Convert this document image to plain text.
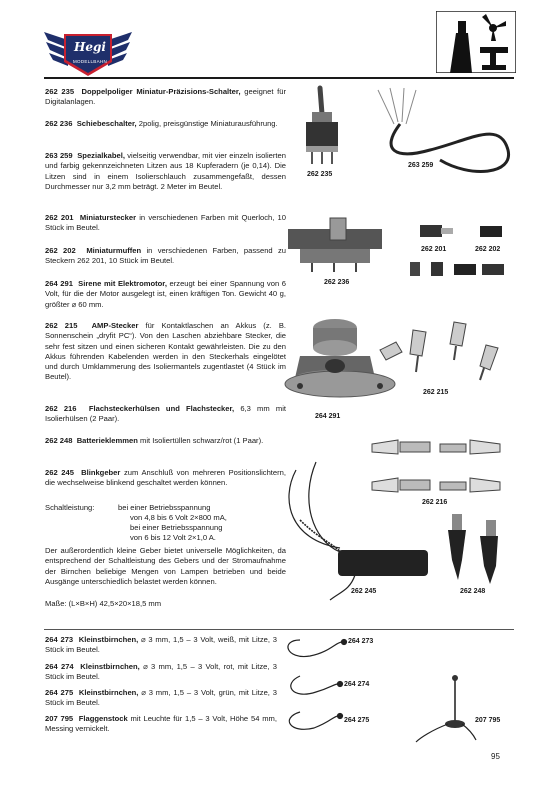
Hegi
MODELLBAHN
262 235 Doppelpoliger Miniatur-Präzisions-Schalter, geeignet für Digitalanlagen.
262 236 Schiebeschalter, 2polig, preisgünstige Miniaturausführung.
263 259 Spezialkabel, vielseitig verwendbar, mit vier einzeln isolierten und farbig gekennzeichneten Litzen aus 18 Kupferadern (je 0,14). Die Litzen sind in einem Isolierschlauch zusammengefaßt, dessen Durchmesser nur 3,2 mm beträgt. 2 Meter im Beutel.
262 201 Miniaturstecker in verschiedenen Farben mit Querloch, 10 Stück im Beutel.
262 202 Miniaturmuffen in verschiedenen Farben, passend zu Steckern 262 201, 10 Stück im Beutel.
264 291 Sirene mit Elektromotor, erzeugt bei einer Spannung von 6 Volt, für die der Motor ausgelegt ist, einen kräftigen Ton. Gewicht 40 g, größter ⌀ 60 mm.
262 215 AMP-Stecker für Kontaktlaschen an Akkus (z. B. Sonnenschein „dryfit PC“). Von den Laschen abziehbare Stecker, die sehr fest sitzen und einen sicheren Kontakt gewährleisten. Die zu den Akkus führenden Kabelenden werden in den Steckerhals eingelötet und durch Umklammerung des Isoliermantels zugentlastet (4 Stück im Beutel).
262 216 Flachsteckerhülsen und Flachstecker, 6,3 mm mit Isolierhülsen (2 Paar).
262 248 Batterieklemmen mit Isoliertüllen schwarz/rot (1 Paar).
262 245 Blinkgeber zum Anschluß von mehreren Positionslichtern, die wechselweise blinkend geschaltet werden können.
Schaltleistung:	bei einer Betriebsspannung
von 4,8 bis 6 Volt 2×800 mA,
bei einer Betriebsspannung
von 6 bis 12 Volt 2×1,0 A.
Der außerordentlich kleine Geber bietet universelle Möglichkeiten, da entsprechend der Schaltleistung des Gebers und der Stromaufnahme der Birnchen beliebige Mengen von Lampen betrieben und beide Ausgänge unterschiedlich belastet werden können.
Maße: (L×B×H) 42,5×20×18,5 mm
264 273 Kleinstbirnchen, ⌀ 3 mm, 1,5 – 3 Volt, weiß, mit Litze, 3 Stück im Beutel.
264 274 Kleinstbirnchen, ⌀ 3 mm, 1,5 – 3 Volt, rot, mit Litze, 3 Stück im Beutel.
264 275 Kleinstbirnchen, ⌀ 3 mm, 1,5 – 3 Volt, grün, mit Litze, 3 Stück im Beutel.
207 795 Flaggenstock mit Leuchte für 1,5 – 3 Volt, Höhe 54 mm, Messing vernickelt.
262 235
263 259
262 236
262 201	262 202
262 215
264 291
262 216
262 245	262 248
264 273
264 274
264 275	207 795
95
